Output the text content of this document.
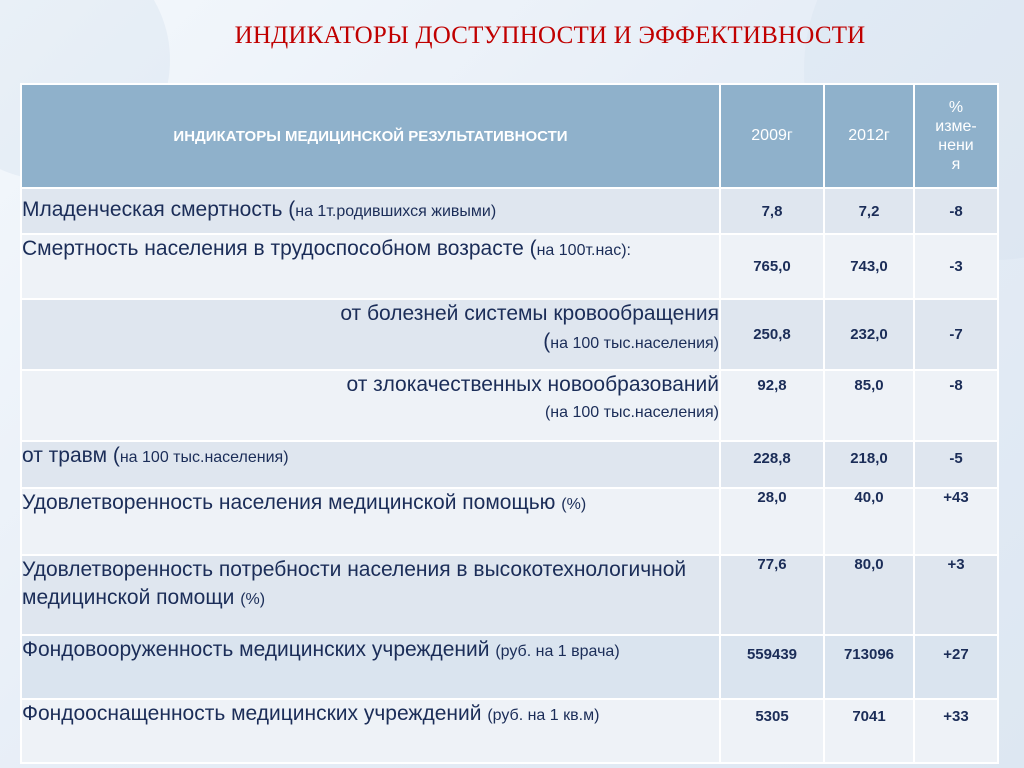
ИНДИКАТОРЫ ДОСТУПНОСТИ И ЭФФЕКТИВНОСТИ
ИНДИКАТОРЫ МЕДИЦИНСКОЙ РЕЗУЛЬТАТИВНОСТИ	2009г	2012г	%
изме-
нени
я

Младенческая смертность (на 1т.родившихся живыми)	7,8	7,2	-8
Смертность населения в трудоспособном возрасте (на 100т.нас):	765,0	743,0	-3

от болезней системы кровообращения
(на 100 тыс.населения)	250,8	232,0	-7

от злокачественных новообразований
(на 100 тыс.населения)	92,8	85,0	-8
от травм (на 100 тыс.населения)	228,8	218,0	-5
Удовлетворенность населения медицинской помощью (%)	28,0	40,0	+43
Удовлетворенность потребности населения в высокотехнологичной медицинской помощи (%)	77,6	80,0	+3
Фондовооруженность медицинских учреждений (руб. на 1 врача)	559439	713096	+27
Фондооснащенность медицинских учреждений (руб. на 1 кв.м)	5305	7041	+33
